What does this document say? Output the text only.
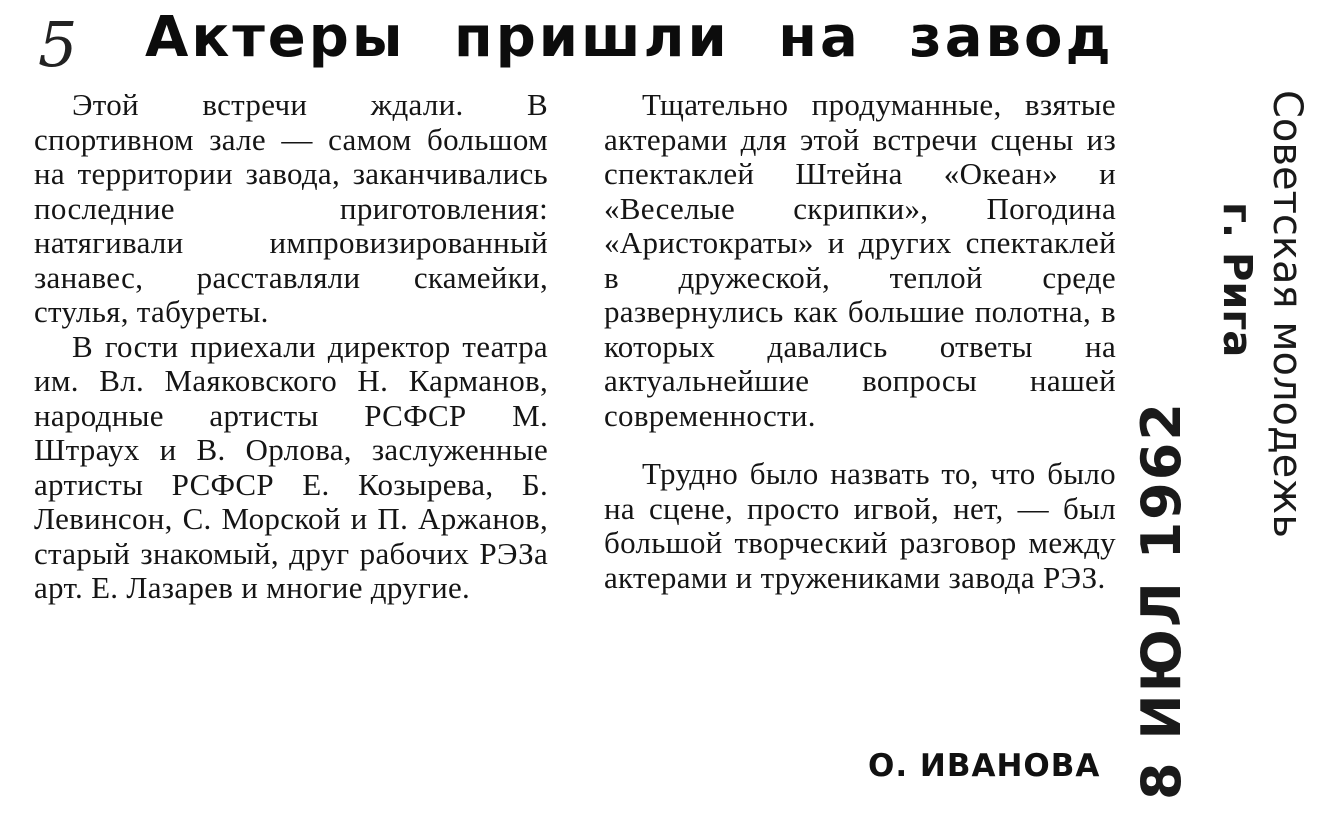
5 Актеры пришли на завод

Этой встречи ждали. В спортивном зале — самом большом на территории завода, заканчивались последние приготовления: натягивали импровизированный занавес, расставляли скамейки, стулья, табуреты.

В гости приехали директор театра им. Вл. Маяковского Н. Карманов, народные артисты РСФСР М. Штраух и В. Орлова, заслуженные артисты РСФСР Е. Козырева, Б. Левинсон, С. Морской и П. Аржанов, старый знакомый, друг рабочих РЭЗа арт. Е. Лазарев и многие другие.

Тщательно продуманные, взятые актерами для этой встречи сцены из спектаклей Штейна «Океан» и «Веселые скрипки», Погодина «Аристократы» и других спектаклей в дружеской, теплой среде развернулись как большие полотна, в которых давались ответы на актуальнейшие вопросы нашей современности.

Трудно было назвать то, что было на сцене, просто игвой, нет, — был большой творческий разговор между актерами и тружениками завода РЭЗ.

О. ИВАНОВА 8 ИЮЛ 1962
Советская молодежь
г. Рига
